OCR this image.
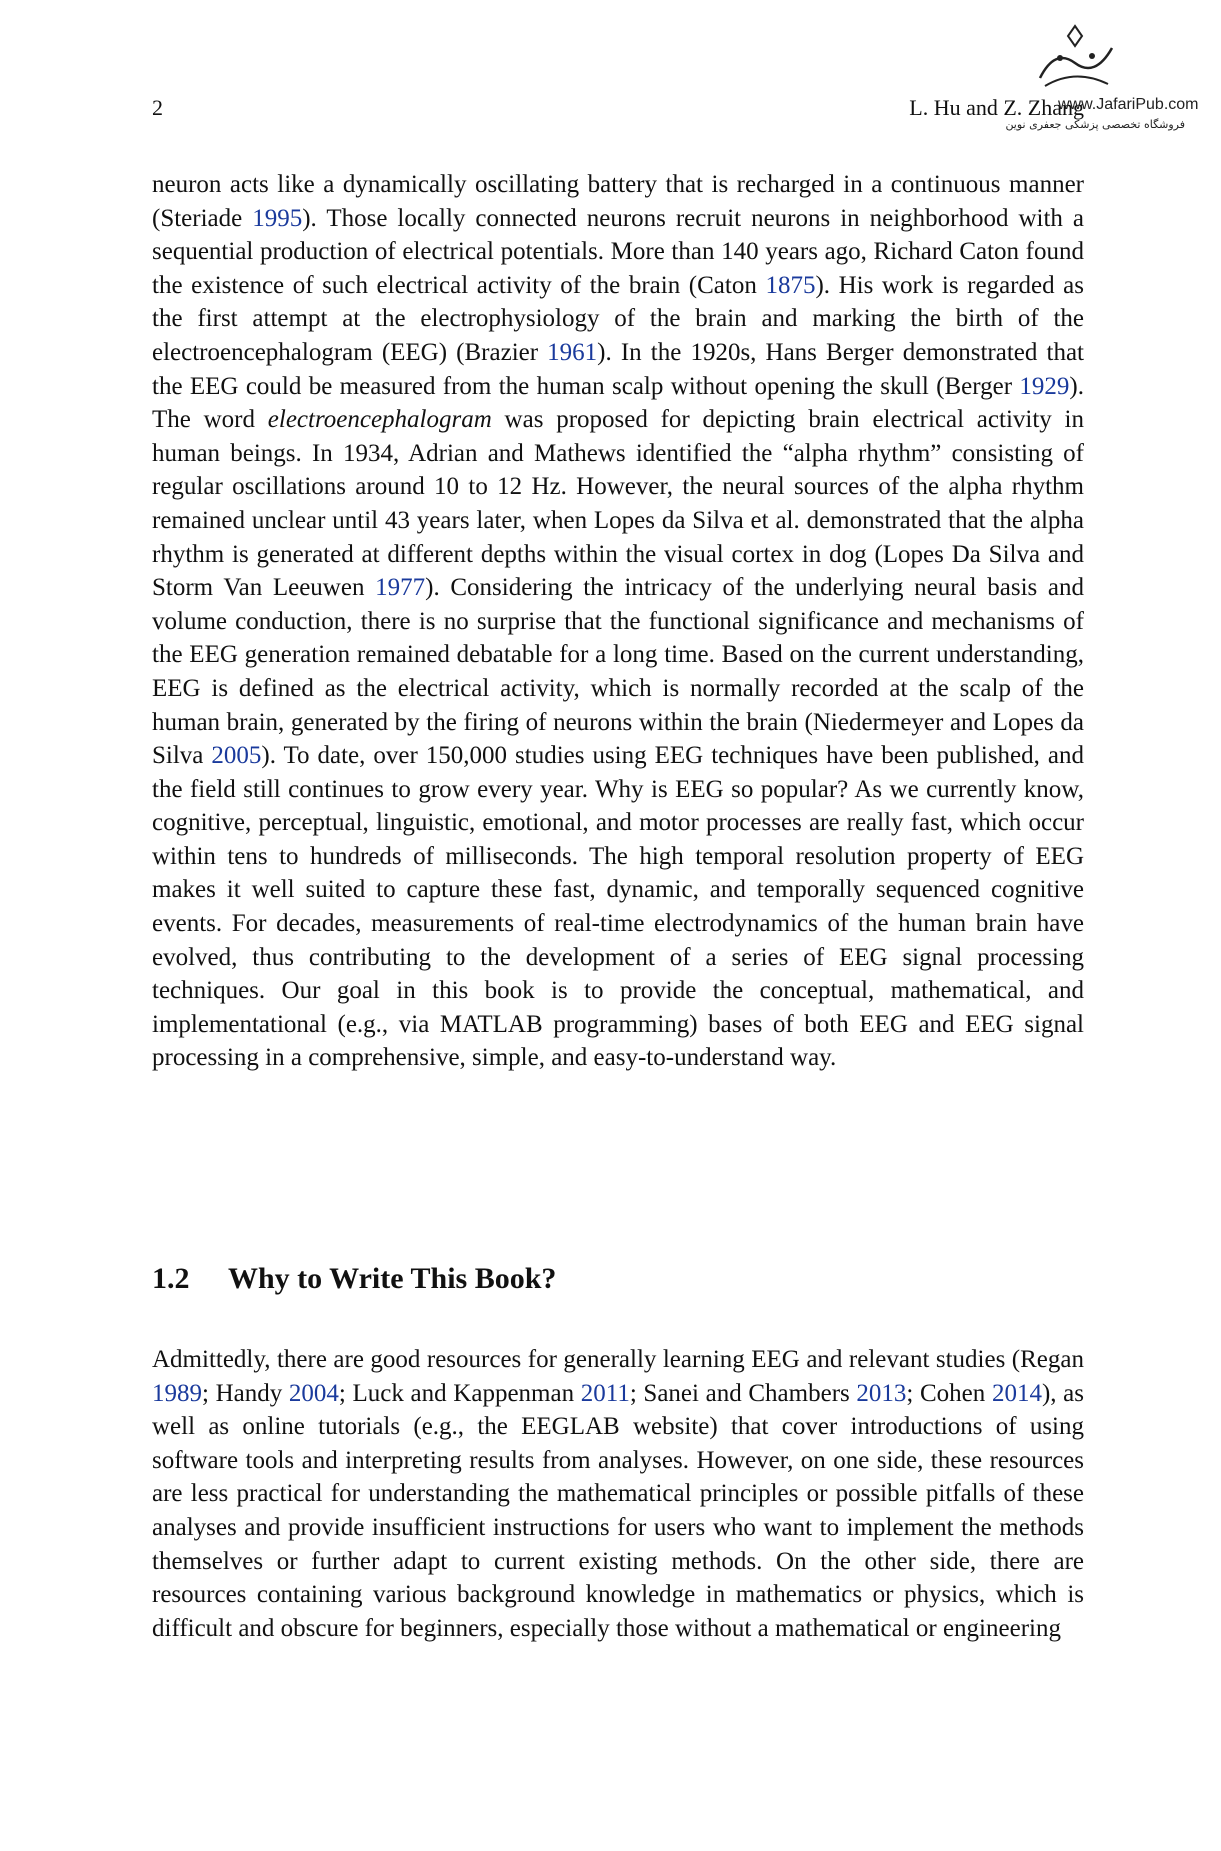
2	L. Hu and Z. Zhang
www.JafariPub.com
فروشگاه تخصصی پزشکی جعفری نوین
neuron acts like a dynamically oscillating battery that is recharged in a continuous manner (Steriade 1995). Those locally connected neurons recruit neurons in neighborhood with a sequential production of electrical potentials. More than 140 years ago, Richard Caton found the existence of such electrical activity of the brain (Caton 1875). His work is regarded as the first attempt at the electrophysiology of the brain and marking the birth of the electroencephalogram (EEG) (Brazier 1961). In the 1920s, Hans Berger demonstrated that the EEG could be measured from the human scalp without opening the skull (Berger 1929). The word electroencephalogram was proposed for depicting brain electrical activity in human beings. In 1934, Adrian and Mathews identified the “alpha rhythm” consisting of regular oscillations around 10 to 12 Hz. However, the neural sources of the alpha rhythm remained unclear until 43 years later, when Lopes da Silva et al. demonstrated that the alpha rhythm is generated at different depths within the visual cortex in dog (Lopes Da Silva and Storm Van Leeuwen 1977). Considering the intricacy of the underlying neural basis and volume conduction, there is no surprise that the functional significance and mechanisms of the EEG generation remained debatable for a long time. Based on the current understanding, EEG is defined as the electrical activity, which is normally recorded at the scalp of the human brain, generated by the firing of neurons within the brain (Niedermeyer and Lopes da Silva 2005). To date, over 150,000 studies using EEG techniques have been published, and the field still continues to grow every year. Why is EEG so popular? As we currently know, cognitive, perceptual, linguistic, emotional, and motor processes are really fast, which occur within tens to hundreds of milliseconds. The high temporal resolution property of EEG makes it well suited to capture these fast, dynamic, and temporally sequenced cognitive events. For decades, measurements of real-time electrodynamics of the human brain have evolved, thus contributing to the development of a series of EEG signal processing techniques. Our goal in this book is to provide the conceptual, mathematical, and implementational (e.g., via MATLAB programming) bases of both EEG and EEG signal processing in a comprehensive, simple, and easy-to-understand way.
1.2 Why to Write This Book?
Admittedly, there are good resources for generally learning EEG and relevant studies (Regan 1989; Handy 2004; Luck and Kappenman 2011; Sanei and Chambers 2013; Cohen 2014), as well as online tutorials (e.g., the EEGLAB website) that cover introductions of using software tools and interpreting results from analyses. However, on one side, these resources are less practical for understanding the mathematical principles or possible pitfalls of these analyses and provide insufficient instructions for users who want to implement the methods themselves or further adapt to current existing methods. On the other side, there are resources containing various background knowledge in mathematics or physics, which is difficult and obscure for beginners, especially those without a mathematical or engineering
